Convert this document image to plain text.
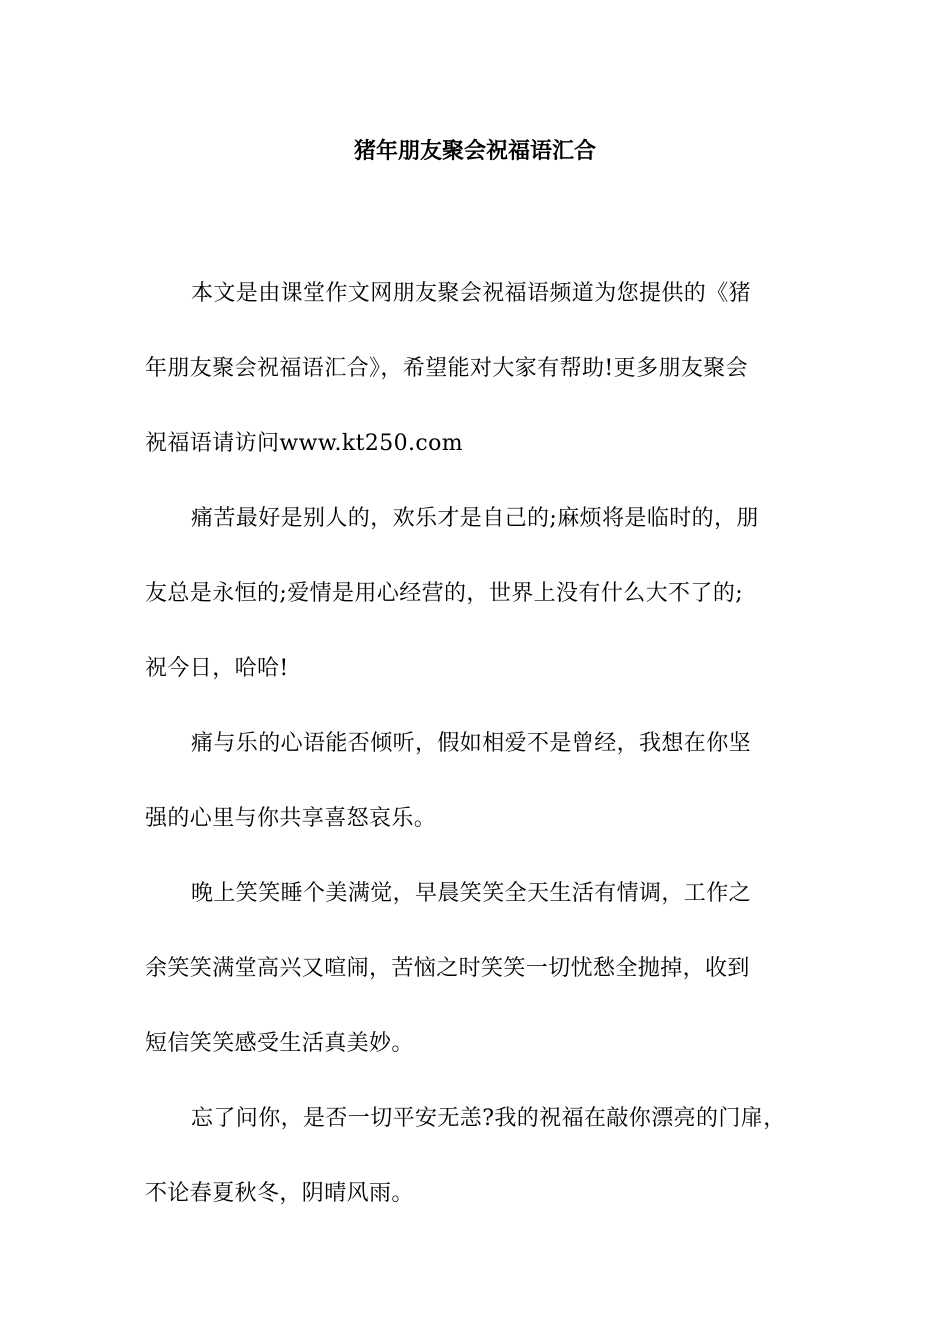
猪年朋友聚会祝福语汇合
本文是由课堂作文网朋友聚会祝福语频道为您提供的《猪
年朋友聚会祝福语汇合》，希望能对大家有帮助!更多朋友聚会
祝福语请访问www.kt250.com
痛苦最好是别人的，欢乐才是自己的;麻烦将是临时的，朋
友总是永恒的;爱情是用心经营的，世界上没有什么大不了的;
祝今日，哈哈!
痛与乐的心语能否倾听，假如相爱不是曾经，我想在你坚
强的心里与你共享喜怒哀乐。
晚上笑笑睡个美满觉，早晨笑笑全天生活有情调，工作之
余笑笑满堂高兴又喧闹，苦恼之时笑笑一切忧愁全抛掉，收到
短信笑笑感受生活真美妙。
忘了问你，是否一切平安无恙?我的祝福在敲你漂亮的门扉，
不论春夏秋冬，阴晴风雨。
